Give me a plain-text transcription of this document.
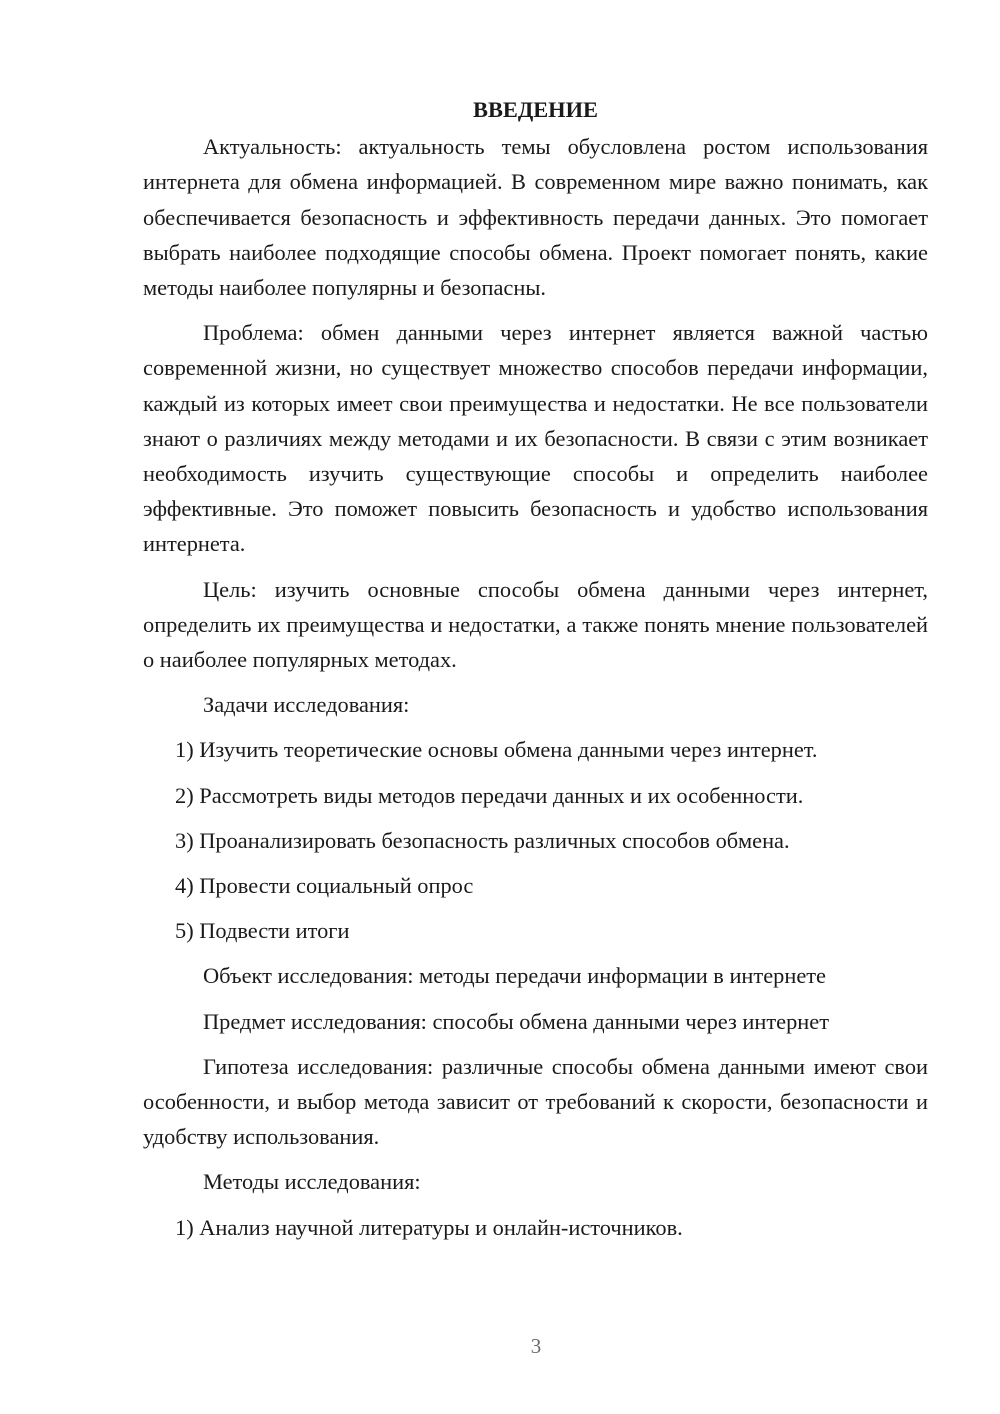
ВВЕДЕНИЕ

Актуальность: актуальность темы обусловлена ростом использования интернета для обмена информацией. В современном мире важно понимать, как обеспечивается безопасность и эффективность передачи данных. Это помогает выбрать наиболее подходящие способы обмена. Проект помогает понять, какие методы наиболее популярны и безопасны.

Проблема: обмен данными через интернет является важной частью современной жизни, но существует множество способов передачи информации, каждый из которых имеет свои преимущества и недостатки. Не все пользователи знают о различиях между методами и их безопасности. В связи с этим возникает необходимость изучить существующие способы и определить наиболее эффективные. Это поможет повысить безопасность и удобство использования интернета.

Цель: изучить основные способы обмена данными через интернет, определить их преимущества и недостатки, а также понять мнение пользователей о наиболее популярных методах.

Задачи исследования:

1) Изучить теоретические основы обмена данными через интернет.

2) Рассмотреть виды методов передачи данных и их особенности.

3) Проанализировать безопасность различных способов обмена.

4) Провести социальный опрос

5) Подвести итоги

Объект исследования: методы передачи информации в интернете

Предмет исследования: способы обмена данными через интернет

Гипотеза исследования: различные способы обмена данными имеют свои особенности, и выбор метода зависит от требований к скорости, безопасности и удобству использования.

Методы исследования:

1) Анализ научной литературы и онлайн-источников.

3
